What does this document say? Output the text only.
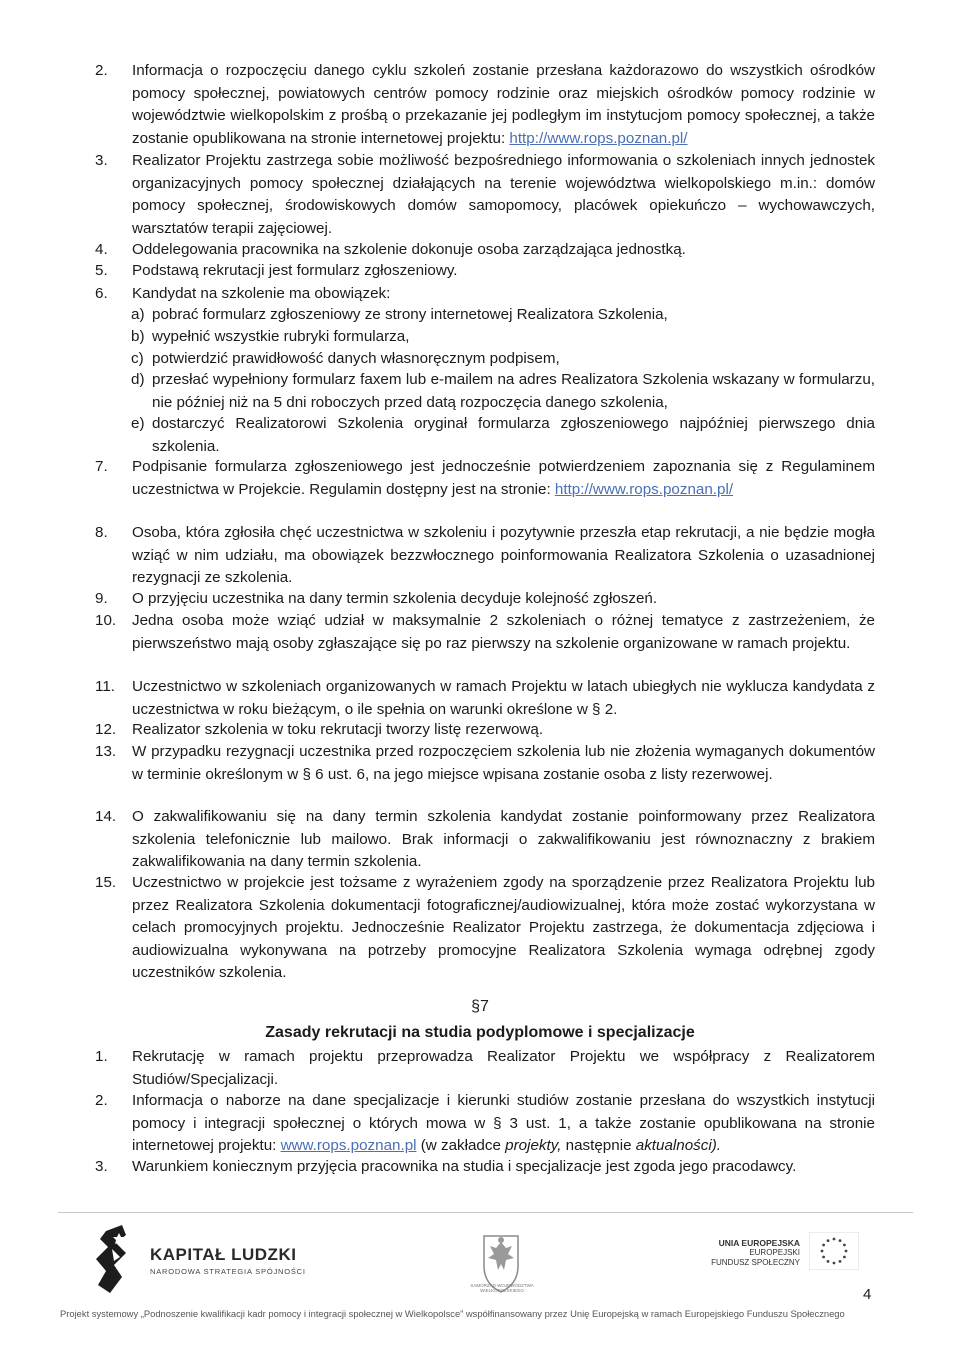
2.	Informacja o rozpoczęciu danego cyklu szkoleń zostanie przesłana każdorazowo do wszystkich ośrodków pomocy społecznej, powiatowych centrów pomocy rodzinie oraz miejskich ośrodków pomocy rodzinie w województwie wielkopolskim z prośbą o przekazanie jej podległym im instytucjom pomocy społecznej, a także zostanie opublikowana na stronie internetowej projektu: http://www.rops.poznan.pl/
3.	Realizator Projektu zastrzega sobie możliwość bezpośredniego informowania o szkoleniach innych jednostek organizacyjnych pomocy społecznej działających na terenie województwa wielkopolskiego m.in.: domów pomocy społecznej, środowiskowych domów samopomocy, placówek opiekuńczo – wychowawczych, warsztatów terapii zajęciowej.
4.	Oddelegowania pracownika na szkolenie dokonuje osoba zarządzająca jednostką.
5.	Podstawą rekrutacji jest formularz zgłoszeniowy.
6.	Kandydat na szkolenie ma obowiązek:
a) pobrać formularz zgłoszeniowy ze strony internetowej Realizatora Szkolenia,
b) wypełnić wszystkie rubryki formularza,
c) potwierdzić prawidłowość danych własnoręcznym podpisem,
d) przesłać wypełniony formularz faxem lub e-mailem na adres Realizatora Szkolenia wskazany w formularzu, nie później niż na 5 dni roboczych przed datą rozpoczęcia danego szkolenia,
e) dostarczyć Realizatorowi Szkolenia oryginał formularza zgłoszeniowego najpóźniej pierwszego dnia szkolenia.
7.	Podpisanie formularza zgłoszeniowego jest jednocześnie potwierdzeniem zapoznania się z Regulaminem uczestnictwa w Projekcie. Regulamin dostępny jest na stronie: http://www.rops.poznan.pl/
8.	Osoba, która zgłosiła chęć uczestnictwa w szkoleniu i pozytywnie przeszła etap rekrutacji, a nie będzie mogła wziąć w nim udziału, ma obowiązek bezzwłocznego poinformowania Realizatora Szkolenia o uzasadnionej rezygnacji ze szkolenia.
9.	O przyjęciu uczestnika na dany termin szkolenia decyduje kolejność zgłoszeń.
10.	Jedna osoba może wziąć udział w maksymalnie 2 szkoleniach o różnej tematyce z zastrzeżeniem, że pierwszeństwo mają osoby zgłaszające się po raz pierwszy na szkolenie organizowane w ramach projektu.
11.	Uczestnictwo w szkoleniach organizowanych w ramach Projektu w latach ubiegłych nie wyklucza kandydata z uczestnictwa w roku bieżącym, o ile spełnia on warunki określone w § 2.
12.	Realizator szkolenia w toku rekrutacji tworzy listę rezerwową.
13.	W przypadku rezygnacji uczestnika przed rozpoczęciem szkolenia lub nie złożenia wymaganych dokumentów w terminie określonym w § 6 ust. 6, na jego miejsce wpisana zostanie osoba z listy rezerwowej.
14.	O zakwalifikowaniu się na dany termin szkolenia kandydat zostanie poinformowany przez Realizatora szkolenia telefonicznie lub mailowo. Brak informacji o zakwalifikowaniu jest równoznaczny z brakiem zakwalifikowania na dany termin szkolenia.
15.	Uczestnictwo w projekcie jest tożsame z wyrażeniem zgody na sporządzenie przez Realizatora Projektu lub przez Realizatora Szkolenia dokumentacji fotograficznej/audiowizualnej, która może zostać wykorzystana w celach promocyjnych projektu. Jednocześnie Realizator Projektu zastrzega, że dokumentacja zdjęciowa i audiowizualna wykonywana na potrzeby promocyjne Realizatora Szkolenia wymaga odrębnej zgody uczestników szkolenia.
§7
Zasady rekrutacji na studia podyplomowe i specjalizacje
1.	Rekrutację w ramach projektu przeprowadza Realizator Projektu we współpracy z Realizatorem Studiów/Specjalizacji.
2.	Informacja o naborze na dane specjalizacje i kierunki studiów zostanie przesłana do wszystkich instytucji pomocy i integracji społecznej o których mowa w § 3 ust. 1, a także zostanie opublikowana na stronie internetowej projektu: www.rops.poznan.pl (w zakładce projekty, następnie aktualności).
3.	Warunkiem koniecznym przyjęcia pracownika na studia i specjalizacje jest zgoda jego pracodawcy.
KAPITAŁ LUDZKI
NARODOWA STRATEGIA SPÓJNOŚCI
SAMORZĄD WOJEWÓDZTWA WIELKOPOLSKIEGO
UNIA EUROPEJSKA
EUROPEJSKI
FUNDUSZ SPOŁECZNY
4
Projekt systemowy „Podnoszenie kwalifikacji kadr pomocy i integracji społecznej w Wielkopolsce” współfinansowany przez Unię Europejską w ramach Europejskiego Funduszu Społecznego
